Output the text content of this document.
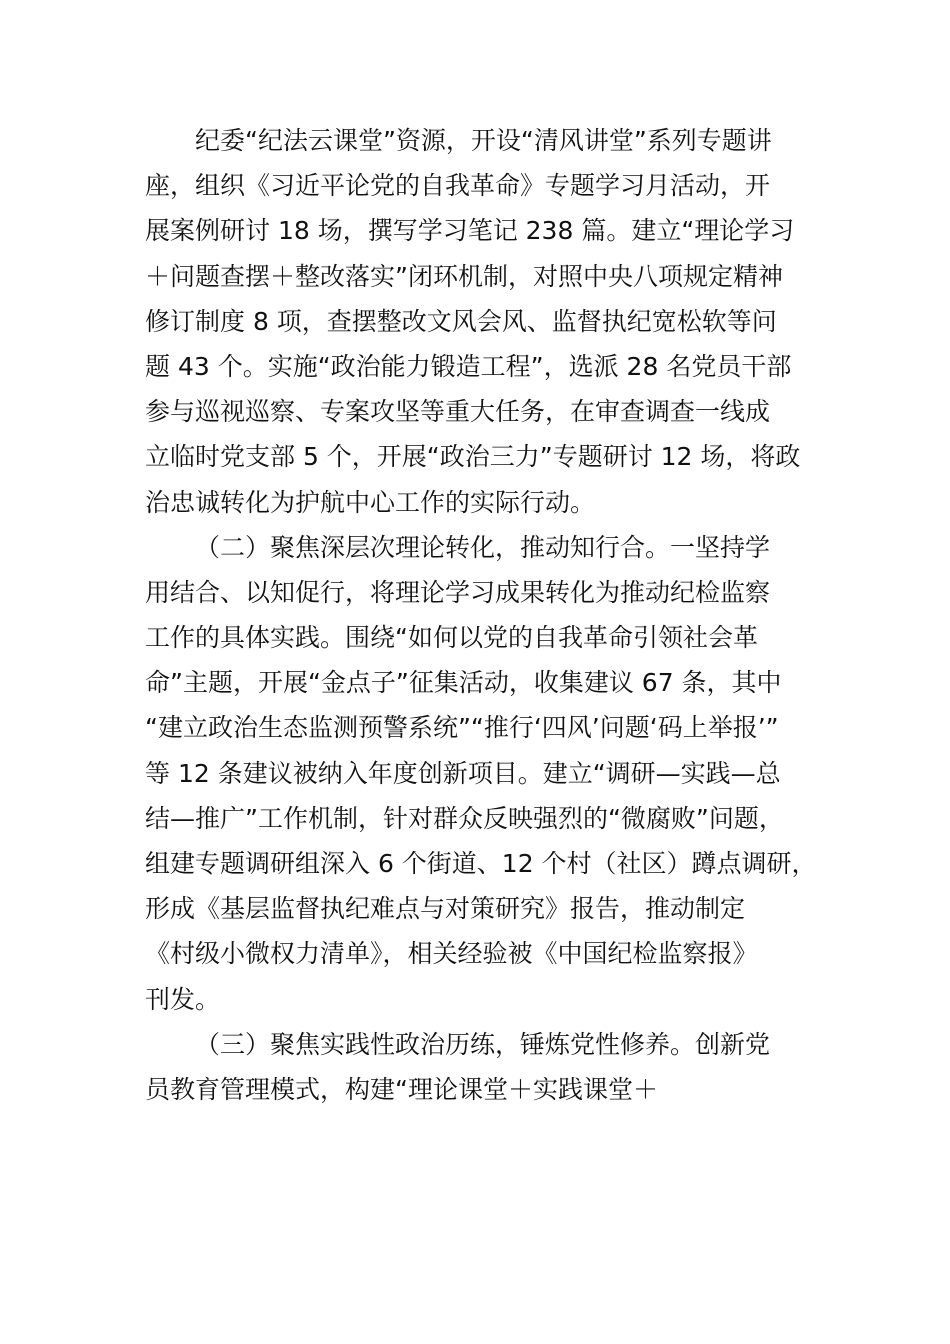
纪委“纪法云课堂”资源，开设“清风讲堂”系列专题讲
座，组织《习近平论党的自我革命》专题学习月活动，开
展案例研讨 18 场，撰写学习笔记 238 篇。建立“理论学习
＋问题查摆＋整改落实”闭环机制，对照中央八项规定精神
修订制度 8 项，查摆整改文风会风、监督执纪宽松软等问
题 43 个。实施“政治能力锻造工程”，选派 28 名党员干部
参与巡视巡察、专案攻坚等重大任务，在审查调查一线成
立临时党支部 5 个，开展“政治三力”专题研讨 12 场，将政
治忠诚转化为护航中心工作的实际行动。
（二）聚焦深层次理论转化，推动知行合。一坚持学
用结合、以知促行，将理论学习成果转化为推动纪检监察
工作的具体实践。围绕“如何以党的自我革命引领社会革
命”主题，开展“金点子”征集活动，收集建议 67 条，其中
“建立政治生态监测预警系统”“推行‘四风’问题‘码上举报’”
等 12 条建议被纳入年度创新项目。建立“调研—实践—总
结—推广”工作机制，针对群众反映强烈的“微腐败”问题，
组建专题调研组深入 6 个街道、12 个村（社区）蹲点调研，
形成《基层监督执纪难点与对策研究》报告，推动制定
《村级小微权力清单》，相关经验被《中国纪检监察报》
刊发。
（三）聚焦实践性政治历练，锤炼党性修养。创新党
员教育管理模式，构建“理论课堂＋实践课堂＋
